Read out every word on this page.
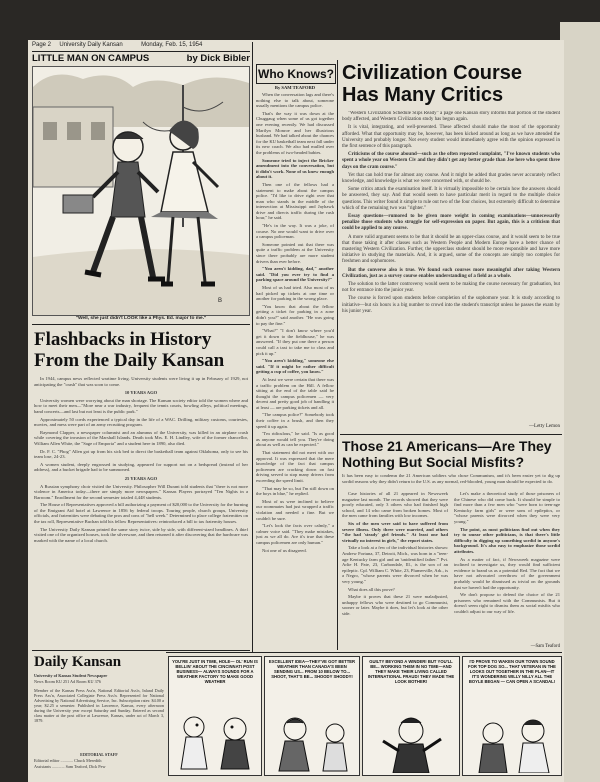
Page 2 University Daily Kansan	Monday, Feb. 15, 1954
LITTLE MAN ON CAMPUS	by Dick Bibler
B
"Well, she just didn't LOOK like a Phys. Ed. major to me."
Flashbacks in History From the Daily Kansan

In 1944, campus news reflected wartime living. University students were living it up in February of 1929, not anticipating the "crash" that was soon to come.

10 YEARS AGO

University women were worrying about the man shortage. The Kansan society editor told the women where and how to meet their men—"More near a war industry, frequent the tennis courts, bowling alleys, political meetings, band concerts—and last but not least is the public park."

Approximately 50 coeds experienced a typical day in the life of a WAC. Drilling, military customs, courtesies, movies, and mess were part of an army recruiting program.

Raymond Clapper, a newspaper columnist and an alumnus of the University, was killed in an airplane crash while covering the invasion of the Marshall Islands. Death took Mrs. E. H. Lindley, wife of the former chancellor, William Allen White, the "Sage of Emporia" and a student here in 1890, also died.

Dr. F. C. "Phog" Allen got up from his sick bed to direct the basketball team against Oklahoma, only to see his team lose, 24-23.

A women student, deeply engrossed in studying, appeared for support not on a bedspread (instead of her address), and a bucket brigade had to be summoned.

25 YEARS AGO

A Russian symphony choir visited the University. Philosopher Will Durant told students that "there is not more violence in America today—there are simply more newspapers." Kansas Players portrayed "Ten Nights in a Barroom." Enrollment for the second semester totaled 4,448 students.

The House of Representatives approved a bill authorizing a payment of $20,000 to the University for the burning of the Emigrant Aid hotel at Lawrence in 1856 by federal troops. Touring people, church groups, University officials, and fraternities were debating the pros and cons of "hell week." Determined to place college fraternities on the tax roll, Representative Buchan told his fellow Representatives: reintroduced a bill to tax fraternity houses.

The University Daily Kansan printed the same story twice, side by side, with different-sized headlines. A thief visited one of the organized houses, took the silverware, and then returned it after discovering that the hardware was marked with the name of a local church.

Daily Kansan
University of Kansas Student Newspaper
News Room KU 251 Ad Room KU 376
Member of the Kansas Press Ass'n, National Editorial Ass'n, Inland Daily Press Ass'n, Associated Collegiate Press Ass'n. Represented for National Advertising by National Advertising Service, Inc. Subscription rates: $4.00 a year; $2.25 a semester. Published in Lawrence, Kansas, every afternoon during the University year except Saturday and Sunday. Entered as second class matter at the post office at Lawrence, Kansas, under act of March 3, 1879.
EDITORIAL STAFF
Editorial editor ............ Chuck Meredith
Assistants ............ Sam Teaford, Dick Pew
Who Knows?
By SAM TEAFORD

When the conversation lags and there's nothing else to talk about, someone usually mentions the campus police.

That's the way it was down at the Chuggaug when some of us got together one evening recently. We had discussed Marilyn Monroe and her illustrious husband. We had talked about the chances for the KU basketball team next fall under its new coach. We also had mulled over the problems of two-headed babies.

Someone tried to inject the Bricker amendment into the conversation, but it didn't work. None of us knew enough about it.

Then one of the fellows had a statement to make about the campus police. "I'd like to drive right over that man who stands in the middle of the intersection at Mississippi and Jayhawk drive and directs traffic during the rush hour," he said.

"He's in the way. It was a joke, of course. No one would want to drive over a campus policeman.

Someone pointed out that there was quite a traffic problem at the University since there probably are more student drivers than ever before.

"You aren't kidding, dad," another said. "Did you ever try to find a parking space around the University?"

Most of us had tried. Also most of us had picked up tickets at one time or another for parking in the wrong place.

"You know that about the fellow getting a ticket for parking in a zone didn't you?" said another. "He was going to pay the fine."

"What?" "I don't know where you'd get it down to the fieldhouse," he was answered. "If they put one there a person could call a taxi to take me to class and pick it up."

"You aren't kidding," someone else said. "If it might be rather difficult getting a cup of coffee, you know."

At least we were certain that there was a traffic problem on the Hill. A fellow sitting at the end of the table said he thought the campus policemen — very decent and pretty good job of handling it at least — are parking tickets and all.

"The campus police?" Somebody took their coffee in a brush, and then they speed it up again.

"I'm ridiculous," he said. "Is as good as anyone would tell you. They're doing about as well as can be expected."

That statement did not meet with our approval. It was expressed that the mere knowledge of the fact that campus policemen are cracking down on fast driving served to stop many drivers from exceeding the speed limit.

"That may be so, but I'm still down on the boys in blue," he replied.

Most of us were inclined to believe our roommates had just wrapped a traffic violation and needed a fine. But we couldn't be sure.

"Let's look the facts over calmly," a calmer voice said. "They make mistakes, just as we all do. Are it's true that these campus policemen are only human."

Not one of us disagreed.

Civilization Course Has Many Critics

"Western Civilization Schedule Slips Ready" a page one Kansan story informs that portion of the student body affected, and Western Civilization study has begun again.

It is vital, integrating, and well-presented. These affected should make the most of the opportunity afforded. What that opportunity may be, however, has been kicked around as long as we have attended the University and probably longer. Not every student would immediately agree with the opinion expressed in the first sentence of this paragraph.

Criticisms of the course abound—such as the often repeated complaint, "I've known students who spent a whole year on Western Civ and they didn't get any better grade than Joe here who spent three days on the cram course."

Yet that can hold true for almost any course. And it might be added that grades never accurately reflect knowledge, and knowledge is what we were concerned with, or should be.

Some critics attack the examination itself. It is virtually impossible to be certain how the answers should be answered, they say. And that would seem to have particular merit in regard to the multiple choice questions. This writer found it simple to rule out two of the four choices, but extremely difficult to determine which of the remaining two was "righter."

Essay questions—rumored to be given more weight in coming examinations—unnecessarily penalize those students who struggle for self-expression on paper. But again, this is a criticism that could be applied to any course.

A more valid argument seems to be that it should be an upper-class course, and it would seem to be true that those taking it after classes such as Western People and Modern Europe have a better chance of mastering Western Civilization. Further, the upperclass student should be more responsible and have more initiative in studying the materials. And, it is argued, some of the concepts are simply too complex for freshmen and sophomores.

But the converse also is true. We found such courses more meaningful after taking Western Civilization, just as a survey course enables understanding of a field as a whole.

The solution to the latter controversy would seem to be making the course necessary for graduation, but not for entrance into the junior year.

The course is forced upon students before completion of the sophomore year. It is study according to initiative—but six hours is a big number to crowd into the student's transcript unless he passes the exam by his junior year.

—Letty Lemon
Those 21 Americans—Are They Nothing But Social Misfits?
It has been easy to condemn the 21 American soldiers who chose Communism, and it's been easier yet to dig up sordid reasons why they didn't return to the U.S. as any normal, red-blooded, young man should be expected to do.

Case histories of all 21 appeared in Newsweek magazine last month. The records showed that they were poorly educated, only 3 others who had finished high school, and 14 who came from broken homes. Most of the men came from families with low incomes.

Six of the men were said to have suffered from severe illness. Only three were married, and others "the had 'steady' girl friends." At least one had virtually no interest in girls," the report states.

Take a look at a few of the individual histories shown: Andrew Fortuna, 37, Detroit, Mich., was born in a "teen-age Kentucky farm girl and an 'unidentified father.'" Pvt. Arlie H. Pate, 23, Carbondale, Ill., is the son of an epileptic. Cpl. William C. White, 23, Plumerville, Ark., is a Negro, "whose parents were divorced when he was very young."

What does all this prove?

Maybe it proves that these 21 were maladjusted, unhappy fellows who were destined to go Communist, sooner or later. Maybe it does, but let's look at the other side.

Let's make a theoretical study of those prisoners of the Chinese who did come back. It should be simple to find more than a few men who "were born to teen-age Kentucky farm girls" or were sons of epileptics, or "whose parents were divorced when they were very young."

The point, as most politicians find out when they try to smear other politicians, is that there's little difficulty in digging up something sordid in anyone's background. It's also easy to emphasize those sordid attributes.

As a matter of fact, if Newsweek magazine were inclined to investigate us, they would find sufficient evidence to brand us as a potential Red. The fact that we have not advocated overthrow of the government probably would be dismissed as trivial on the grounds that we haven't had the opportunity.

We don't propose to defend the choice of the 21 prisoners who remained with the Communists. But it doesn't seem right to dismiss them as social misfits who couldn't adjust to our way of life.

—Sam Teaford
YOU'RE JUST IN TIME, HOLE— OL' RUN IS BELLIN' ABOUT THE CINCINNATI POST BUSINESS— ALWAYS SOUNDS FOR A WEATHER FACTORY TO MAKE GOOD WEATHER
EXCELLENT IDEA—THEY'VE GOT BETTER WEATHER THAN CANADA'S BEEN SENDING US... FROM 10 BELOW TO... SHOOT, THAT'S BE... SHOODY SHODDY!
GUILTY BEYOND A WINDER! BUT YOU'LL BE... WORKING THEM IN NO TIME—AND THEY MAKE THEIR LIVING CALLED INTERNATIONAL FRAUD! THEY MADE THE LOOK BOTHER!
I'D PROVE TO WAKEN OUR TOWN SOUND FOR TOP DOG SO... THAT VETERAN IN THE LOOKS OUT TOGETHER IN THE PLAN—IT IT'S WONDERING WILLY NILLY ALL THE BOYLE BEGAN — CAN OPEN A SCANDAL!
